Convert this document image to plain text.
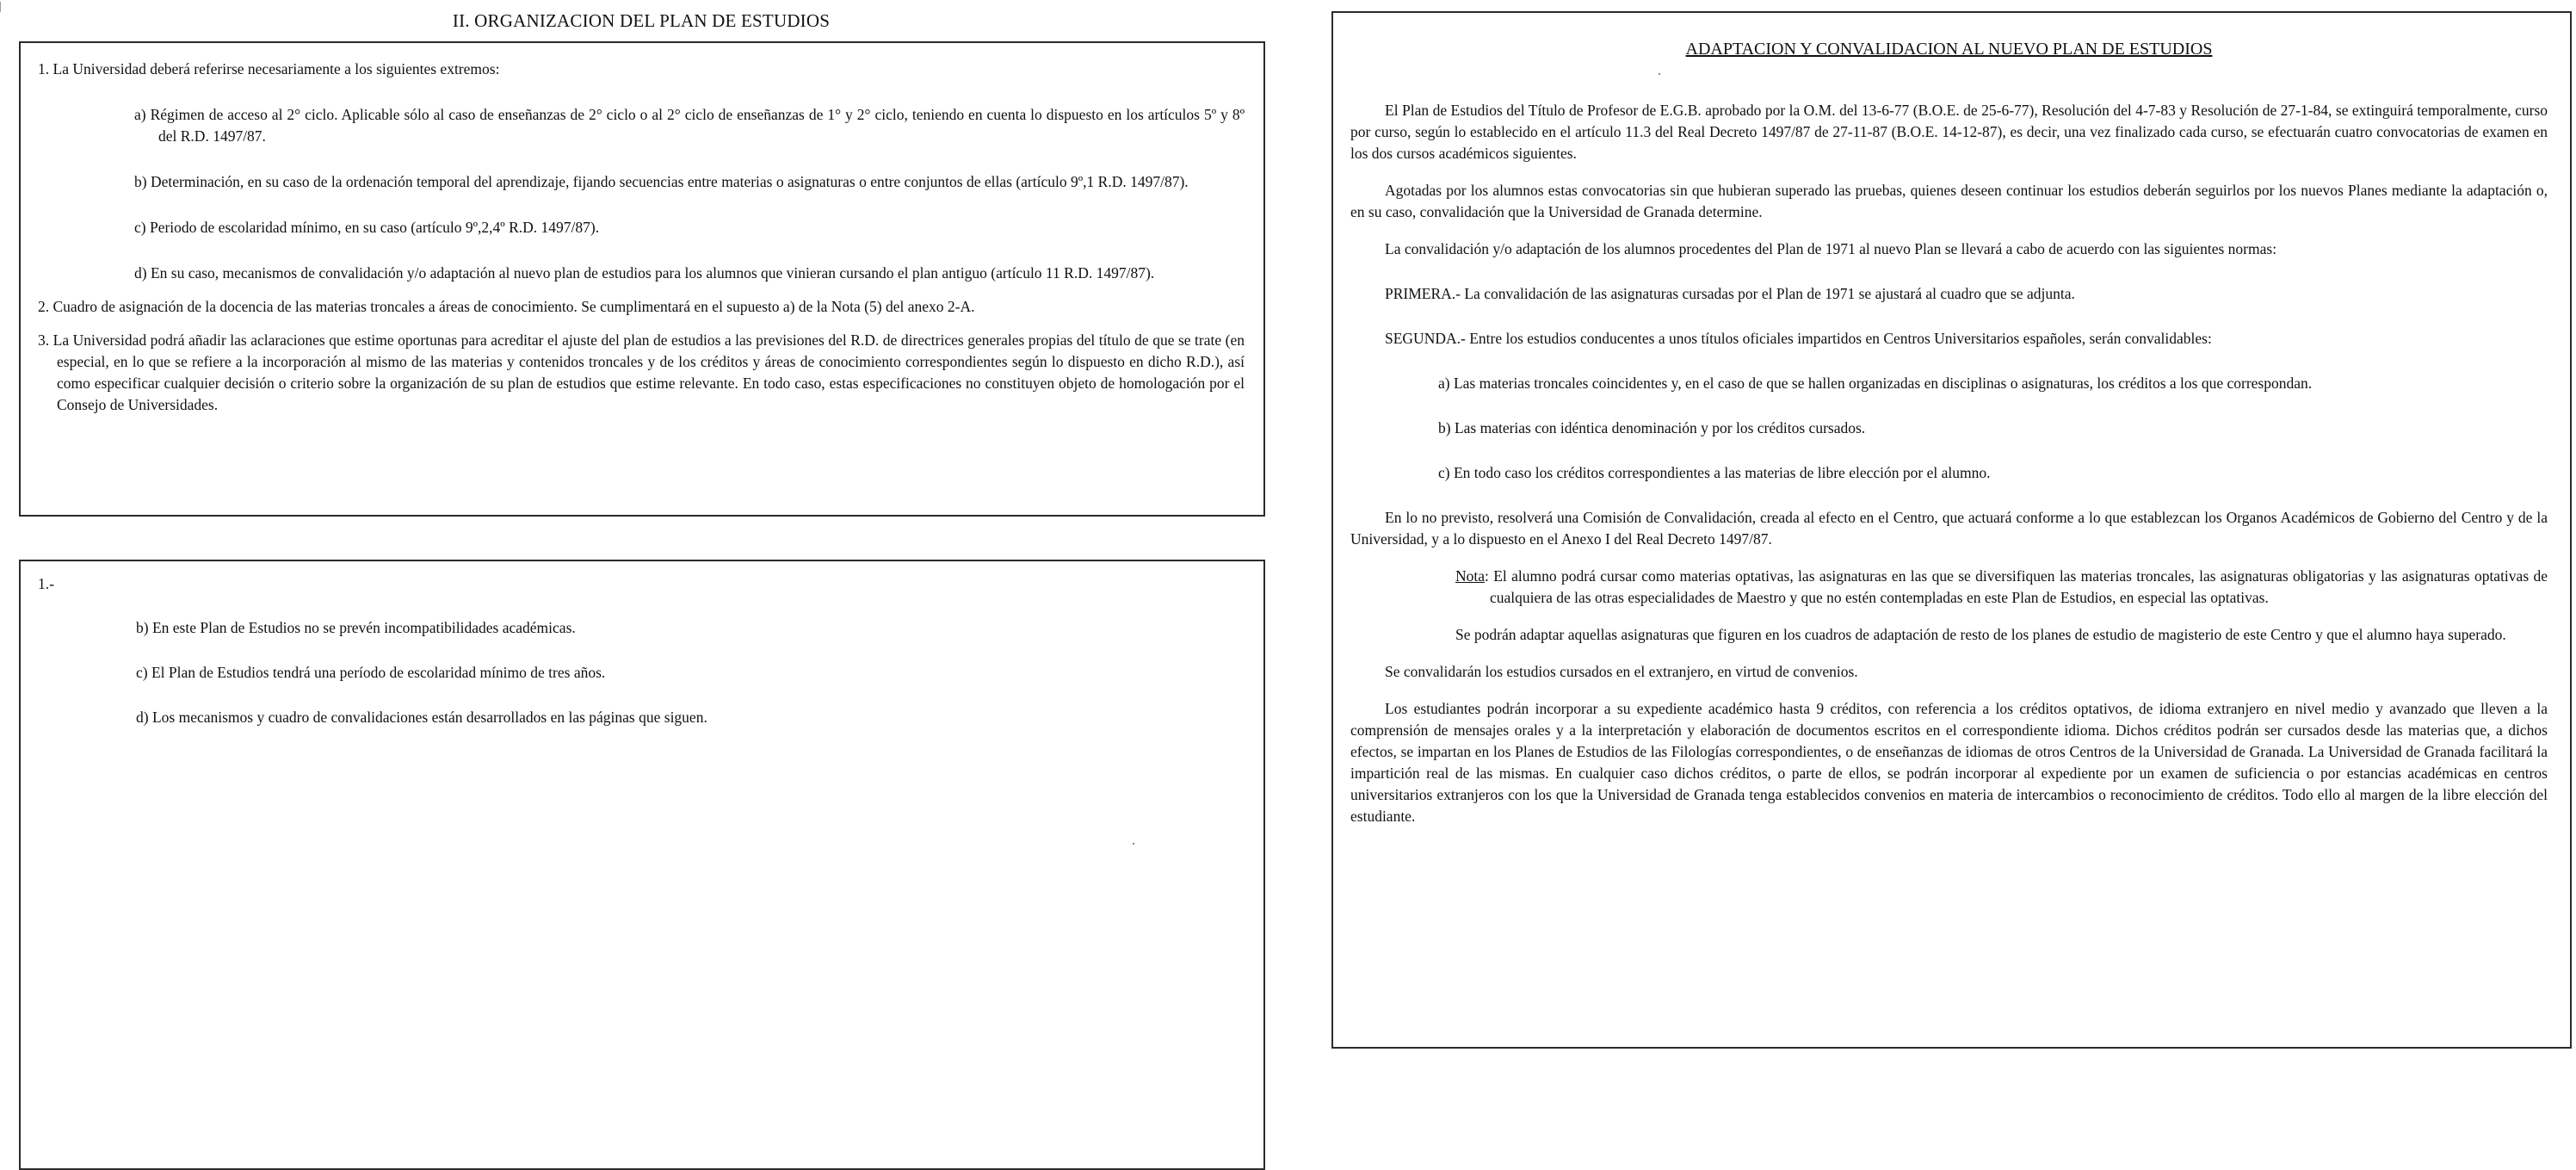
II. ORGANIZACION DEL PLAN DE ESTUDIOS

1. La Universidad deberá referirse necesariamente a los siguientes extremos:

a) Régimen de acceso al 2° ciclo. Aplicable sólo al caso de enseñanzas de 2° ciclo o al 2° ciclo de enseñanzas de 1° y 2° ciclo, teniendo en cuenta lo dispuesto en los artículos 5º y 8º del R.D. 1497/87.

b) Determinación, en su caso de la ordenación temporal del aprendizaje, fijando secuencias entre materias o asignaturas o entre conjuntos de ellas (artículo 9º,1 R.D. 1497/87).

c) Periodo de escolaridad mínimo, en su caso (artículo 9º,2,4º R.D. 1497/87).

d) En su caso, mecanismos de convalidación y/o adaptación al nuevo plan de estudios para los alumnos que vinieran cursando el plan antiguo (artículo 11 R.D. 1497/87).

2. Cuadro de asignación de la docencia de las materias troncales a áreas de conocimiento. Se cumplimentará en el supuesto a) de la Nota (5) del anexo 2-A.

3. La Universidad podrá añadir las aclaraciones que estime oportunas para acreditar el ajuste del plan de estudios a las previsiones del R.D. de directrices generales propias del título de que se trate (en especial, en lo que se refiere a la incorporación al mismo de las materias y contenidos troncales y de los créditos y áreas de conocimiento correspondientes según lo dispuesto en dicho R.D.), así como especificar cualquier decisión o criterio sobre la organización de su plan de estudios que estime relevante. En todo caso, estas especificaciones no constituyen objeto de homologación por el Consejo de Universidades.

1.-

b) En este Plan de Estudios no se prevén incompatibilidades académicas.

c) El Plan de Estudios tendrá una período de escolaridad mínimo de tres años.

d) Los mecanismos y cuadro de convalidaciones están desarrollados en las páginas que siguen.

ADAPTACION Y CONVALIDACION AL NUEVO PLAN DE ESTUDIOS

El Plan de Estudios del Título de Profesor de E.G.B. aprobado por la O.M. del 13-6-77 (B.O.E. de 25-6-77), Resolución del 4-7-83 y Resolución de 27-1-84, se extinguirá temporalmente, curso por curso, según lo establecido en el artículo 11.3 del Real Decreto 1497/87 de 27-11-87 (B.O.E. 14-12-87), es decir, una vez finalizado cada curso, se efectuarán cuatro convocatorias de examen en los dos cursos académicos siguientes.

Agotadas por los alumnos estas convocatorias sin que hubieran superado las pruebas, quienes deseen continuar los estudios deberán seguirlos por los nuevos Planes mediante la adaptación o, en su caso, convalidación que la Universidad de Granada determine.

La convalidación y/o adaptación de los alumnos procedentes del Plan de 1971 al nuevo Plan se llevará a cabo de acuerdo con las siguientes normas:

PRIMERA.- La convalidación de las asignaturas cursadas por el Plan de 1971 se ajustará al cuadro que se adjunta.

SEGUNDA.- Entre los estudios conducentes a unos títulos oficiales impartidos en Centros Universitarios españoles, serán convalidables:

a) Las materias troncales coincidentes y, en el caso de que se hallen organizadas en disciplinas o asignaturas, los créditos a los que correspondan.

b) Las materias con idéntica denominación y por los créditos cursados.

c) En todo caso los créditos correspondientes a las materias de libre elección por el alumno.

En lo no previsto, resolverá una Comisión de Convalidación, creada al efecto en el Centro, que actuará conforme a lo que establezcan los Organos Académicos de Gobierno del Centro y de la Universidad, y a lo dispuesto en el Anexo I del Real Decreto 1497/87.

Nota: El alumno podrá cursar como materias optativas, las asignaturas en las que se diversifiquen las materias troncales, las asignaturas obligatorias y las asignaturas optativas de cualquiera de las otras especialidades de Maestro y que no estén contempladas en este Plan de Estudios, en especial las optativas.

Se podrán adaptar aquellas asignaturas que figuren en los cuadros de adaptación de resto de los planes de estudio de magisterio de este Centro y que el alumno haya superado.

Se convalidarán los estudios cursados en el extranjero, en virtud de convenios.

Los estudiantes podrán incorporar a su expediente académico hasta 9 créditos, con referencia a los créditos optativos, de idioma extranjero en nivel medio y avanzado que lleven a la comprensión de mensajes orales y a la interpretación y elaboración de documentos escritos en el correspondiente idioma. Dichos créditos podrán ser cursados desde las materias que, a dichos efectos, se impartan en los Planes de Estudios de las Filologías correspondientes, o de enseñanzas de idiomas de otros Centros de la Universidad de Granada. La Universidad de Granada facilitará la impartición real de las mismas. En cualquier caso dichos créditos, o parte de ellos, se podrán incorporar al expediente por un examen de suficiencia o por estancias académicas en centros universitarios extranjeros con los que la Universidad de Granada tenga establecidos convenios en materia de intercambios o reconocimiento de créditos. Todo ello al margen de la libre elección del estudiante.
